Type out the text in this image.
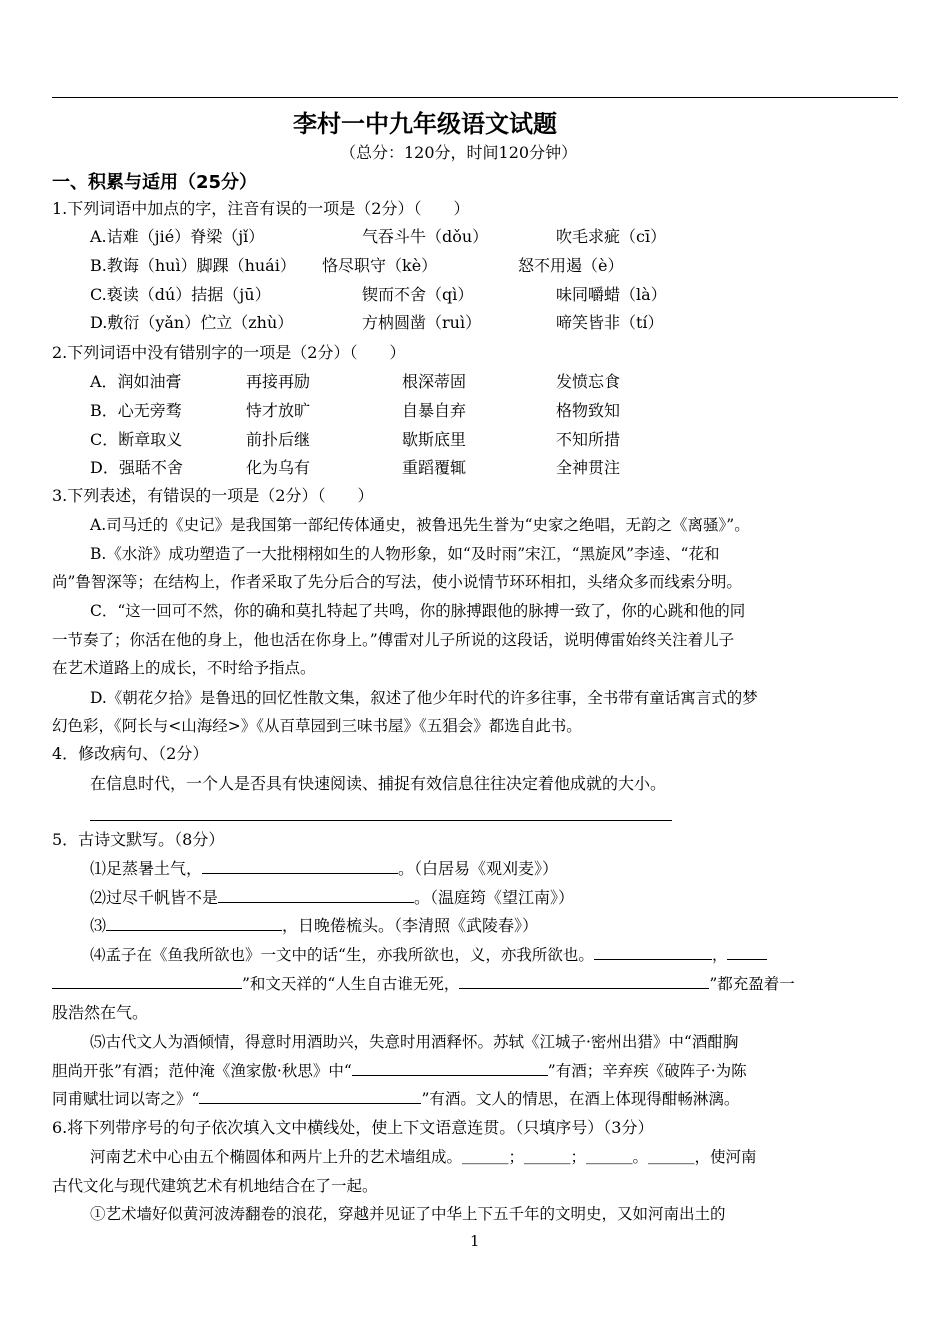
李村一中九年级语文试题
（总分：120分，时间120分钟）
一、积累与适用（25分）
1.下列词语中加点的字，注音有误的一项是（2分）（　　）
A.诘难（jié）脊梁（jǐ）	气吞斗牛（dǒu）	吹毛求疵（cī）
B.教诲（huì）脚踝（huái） 恪尽职守（kè）	怒不用遏（è）
C.亵读（dú）拮据（jū）	锲而不舍（qì）	味同嚼蜡（là）
D.敷衍（yǎn）伫立（zhù）	方枘圆凿（ruì）	啼笑皆非（tí）
2.下列词语中没有错别字的一项是（2分）（　　）
A．润如油膏	再接再励	根深蒂固	发愤忘食
B．心无旁骛	恃才放旷	自暴自弃	格物致知
C．断章取义	前扑后继	歇斯底里	不知所措
D．强聒不舍	化为乌有	重蹈覆辄	全神贯注
3.下列表述，有错误的一项是（2分）（　　）
A.司马迁的《史记》是我国第一部纪传体通史，被鲁迅先生誉为“史家之绝唱，无韵之《离骚》”。
B.《水浒》成功塑造了一大批栩栩如生的人物形象，如“及时雨”宋江，“黑旋风”李逵、“花和
尚”鲁智深等；在结构上，作者采取了先分后合的写法，使小说情节环环相扣，头绪众多而线索分明。
C．“这一回可不然，你的确和莫扎特起了共鸣，你的脉搏跟他的脉搏一致了，你的心跳和他的同
一节奏了；你活在他的身上，他也活在你身上。”傅雷对儿子所说的这段话，说明傅雷始终关注着儿子
在艺术道路上的成长，不时给予指点。
D.《朝花夕拾》是鲁迅的回忆性散文集，叙述了他少年时代的许多往事，全书带有童话寓言式的梦
幻色彩，《阿长与<山海经>》《从百草园到三味书屋》《五猖会》都选自此书。
4．修改病句、（2分）
在信息时代，一个人是否具有快速阅读、捕捉有效信息往往决定着他成就的大小。
5．古诗文默写。（8分）
⑴足蒸暑土气，	。（白居易《观刈麦》）
⑵过尽千帆皆不是	。（温庭筠《望江南》）
⑶	，日晚倦梳头。（李清照《武陵春》）
⑷孟子在《鱼我所欲也》一文中的话“生，亦我所欲也，义，亦我所欲也。	，
”和文天祥的“人生自古谁无死，	”都充盈着一
股浩然在气。
⑸古代文人为酒倾情，得意时用酒助兴，失意时用酒释怀。苏轼《江城子·密州出猎》中“酒酣胸
胆尚开张”有酒；范仲淹《渔家傲·秋思》中“	”有酒；辛弃疾《破阵子·为陈
同甫赋壮词以寄之》“	”有酒。文人的情思，在酒上体现得酣畅淋漓。
6.将下列带序号的句子依次填入文中横线处，使上下文语意连贯。（只填序号）（3分）
河南艺术中心由五个椭圆体和两片上升的艺术墙组成。＿＿＿；＿＿＿；＿＿＿。＿＿＿，使河南
古代文化与现代建筑艺术有机地结合在了一起。
①艺术墙好似黄河波涛翻卷的浪花，穿越并见证了中华上下五千年的文明史，又如河南出土的
1
